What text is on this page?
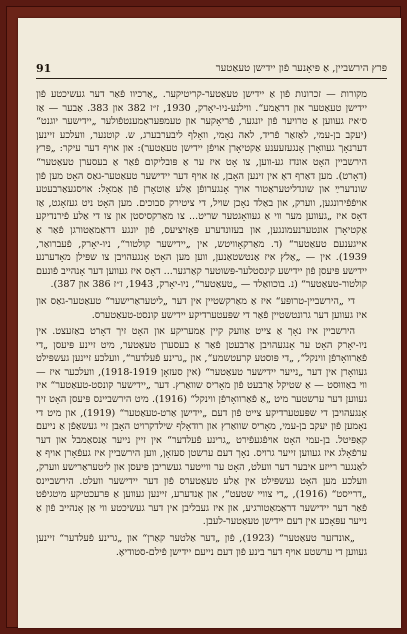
91	פּרץ הירשביין, אַ פּיאָנער פֿון יידישן טעאַטער

מקורות — זכרונות פֿון אַ יידישן טעאַטער-קריטיקער. „אַרכיוו פֿאַר דער געשיכטע פֿון יידישן טעאַטער און דראַמע“. ווילנע-ניו-יאָרק, 1930, ז״ז 382 און 383. אַבער — אַז ס׳איז געווען אַ טרויער פֿון יונגער, פֿריאָקער און טעמפּעראַמענטפֿולער „יידישער יוגנט“ (יעקב בן-עמי, לאַזאַר פֿריד, לאה נאָמי, וואָלף ליבערבערג, ש. קוטנער, וועלכע זיינען דערנאָך געוואָרן אָנגעזעענע אַקטיאָרן אויפֿן יידישן טעאַטער): און אויף דער עיקר: „פּרץ הירשביין האָט אונדז גע-ווען, צו אָט איז ער אַ פּובליקום פֿאַר אַ בעסערן טעאַטער“ (דאָרט). מען דאַרף דאָ אין זינען האָבן, אַז אויף דער יידישער טעאַטער-גאַס האָט מען פֿון שונדערײַ און שונדליטעראַטור אויך אָנגערופֿן אַלע אַוטאָרן פֿון אַמאָל: אויסגעאַרבעטע אויפֿפֿירונגען, ווערק, און באַלד נאָכן שויל, די ציטירק סבוכים. מען האָט ניט געזאָגט, אַז דאָס איז „געווען מער ווי אַ געוואָגטער שריט... צו מאַרקסיסטן און צו די אַלע פֿירנדיקע אַקטיאָרן אונטערנעמונגען, און בעזונדערע פּאָזיציעס, פֿון יונגע דראַמאַטורגן פֿאַר אַ אייגענעם טעאַטער“ (ד. מאַרקאָוויטש, אין „יידישער קולטור“, ניו-יאָרק, פֿעברואַר, 1939). אין — „אַלץ איז אַנטשטאַנען, ווען מען האָט אָנגעהויבן צו שפּילן מאָדערנע יידישע פּיעסן פֿון יידישע קינסטלער-פּשוטער קאַרגער... דאָס איז געווען דער אָנהייב פֿונעם קולטור-טעאַטער“ (נ. בוכוואַלד — „טעאַטער“, ניו-יאָרק, 1943, ז״ז 386 און 387).

די „הירשביין-טרופּע“ איז אַ מאַרקשטיין אין דער „ליטעראַרישער“ טעאַטער-גאַס און איז געווען דער גרונטשטיין פֿאַר די שפּעטערדיקע יידישע קונסט-טעאַטערס.

הירשביין איז נאָך אַ צייט אַוועק קיין אַמעריקע און האָט זיך דאָרט באַזעצט. אין ניו-יאָרק האָט ער אָנגעהויבן אַרבעטן פֿאַר אַ בעסערן טעאַטער, מיט זיינע פּיעסן „די פֿאַרוואָרפֿן ווינקל“, „די פּוסטע קרעטשמע“, און „גרינע פֿעלדער“, וועלכע זיינען געשפּילט געוואָרן אין דער „נייער יידישער טעאַטער“ (אין סעזאָן 1918-1919), וועלכער איז — ווי באַוווּסט — אַ שטיקל אַרבעט פֿון מאָריס שוואַרץ. דער „יידישער קונסט-טעאַטער“ איז געווען דער ערשטער מיט „אַ פֿאַרוואָרפֿן ווינקל“ (1916). מיט הירשביינס פּיעסן האָט זיך אָנגעהויבן די שפּעטערדיקע צייט פֿון דעם „יידישן אַרט-טעאַטער“ (1919), און מיט די נאָמען פֿון יעקב בן-עמי, מאָריס שוואַרץ און רודאָלף שילדקרויט האָבן זיי געשאַפֿן אַ נייעם קאַפּיטל. בן-עמי האָט אויפֿגעפֿירט „גרינע פֿעלדער“ אין זיין נייער אַנסאַמבל און דער ערפֿאָלג איז געווען זייער גרויס. נאָך דעם ערשטן סעזאָן, ווען הירשביין איז געפֿאָרן אויף אַ לאַנגער רייזע איבער דער וועלט, האָט ער ווייטער געשריבן פּיעסן און ליטעראַרישע ווערק, וועלכע מען האָט געשפּילט אין אַלע טעאַטערס פֿון דער יידישער וועלט. הירשביינס „דרייסט“ (1916), „די צוויי שטעט“, און אַנדערע, זיינען געווען אַ פּרעכטיקע מיטגיפֿט פֿאַר דער יידישער דראַמאַטורגיע, און איז געבליבן אין דער געשיכטע ווי אַן אָנהייב פֿון אַ נייער עפּאָכע אין דעם יידישן טעאַטער-לעבן.

„אונדזער טעאַטער“ (1923), פֿון „דער אַלטער קאַרן“ און „גרינע פֿעלדער“ זיינען געווען די ערשטע אויף דער בינע פֿון דעם נייעם יידישן פֿילם-סטודיאָ.
